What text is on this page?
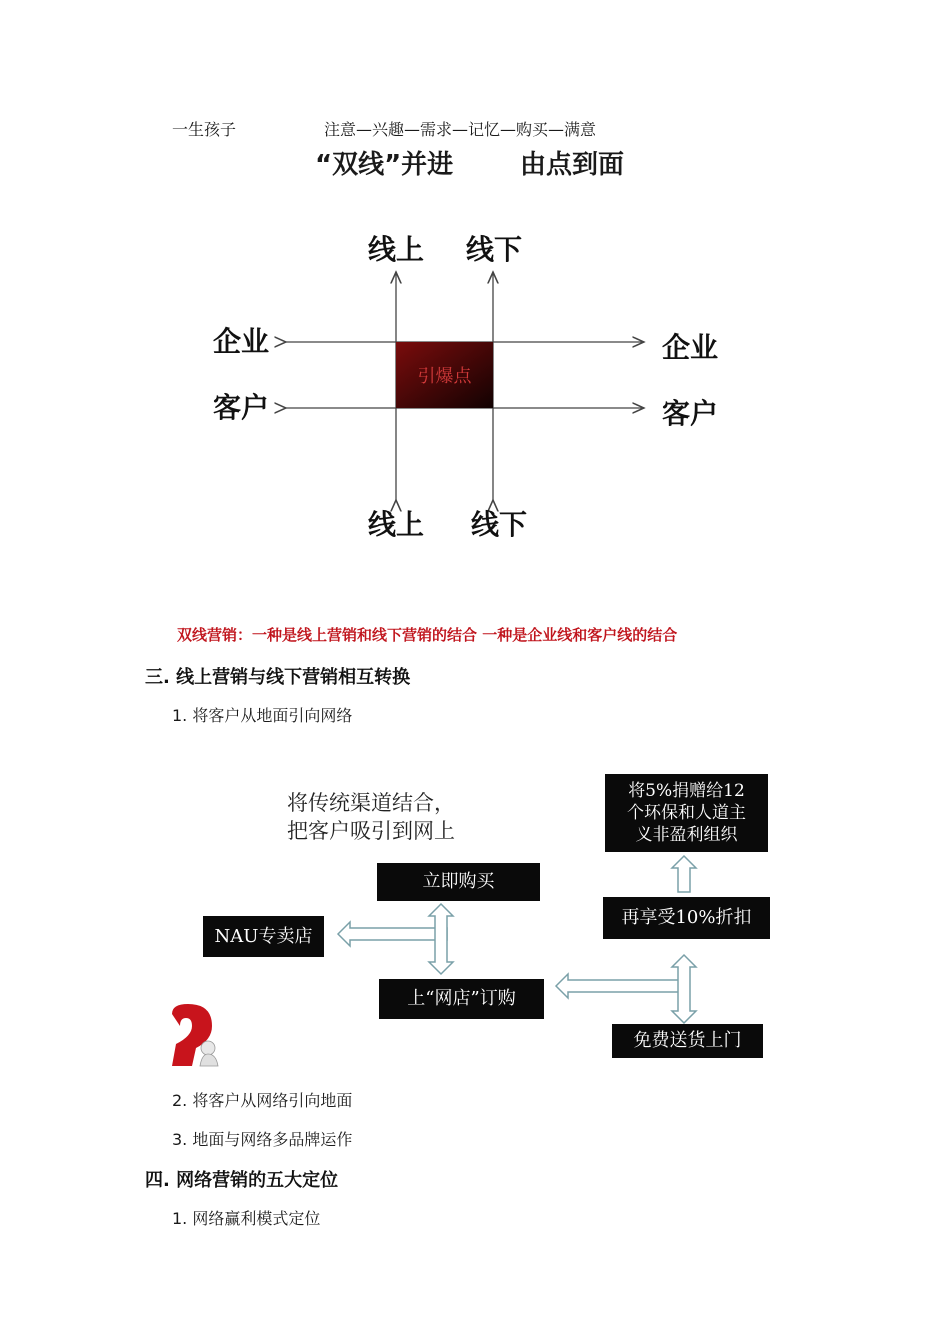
一生孩子	注意—兴趣—需求—记忆—购买—满意
“双线”并进	由点到面
引爆点
线上 线下
企业
客户
企业
客户
线上 线下
双线营销：一种是线上营销和线下营销的结合 一种是企业线和客户线的结合
三. 线上营销与线下营销相互转换
1. 将客户从地面引向网络
将传统渠道结合，
把客户吸引到网上
立即购买
NAU专卖店
上“网店”订购
将5%捐赠给12
个环保和人道主
义非盈利组织
再享受10%折扣
免费送货上门
2. 将客户从网络引向地面
3. 地面与网络多品牌运作
四. 网络营销的五大定位
1. 网络赢利模式定位
